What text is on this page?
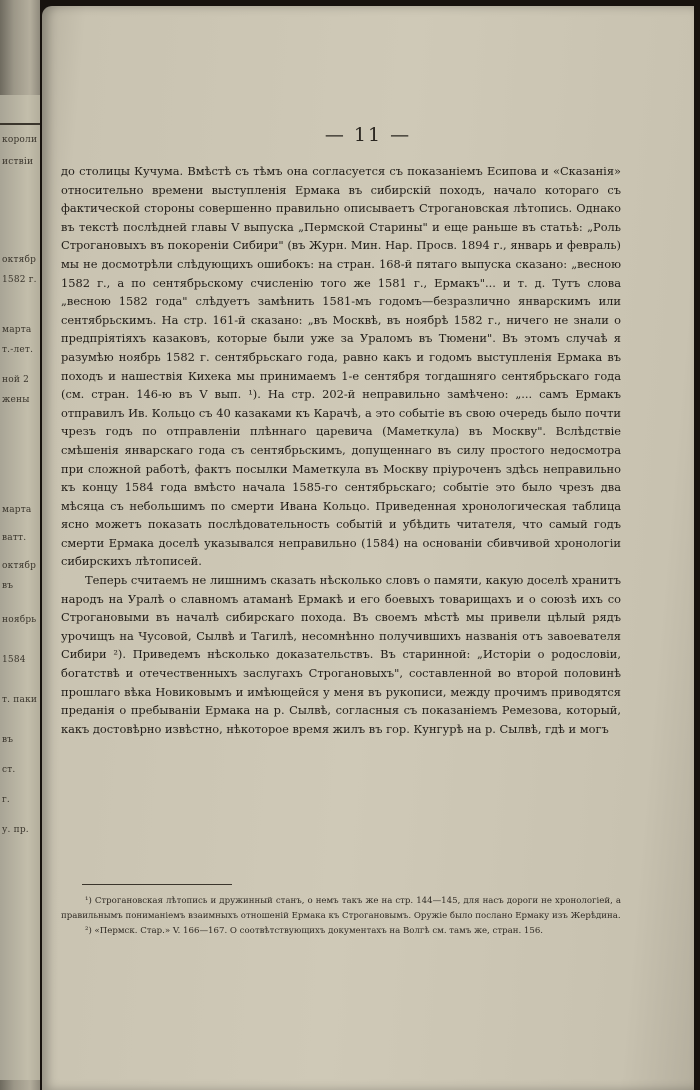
короли
иствіи
октябр
1582 г.
марта
т.-лет.
ной 2
жены
марта
ватт.
октябр
въ
ноябрь
1584
т. паки
въ
ст.
г.
у. пр.
— 11 —

до столицы Кучума. Вмѣстѣ съ тѣмъ она согласуется съ показаніемъ Есипова и «Сказанія» относительно времени выступленія Ермака въ сибирскій походъ, начало котораго съ фактической стороны совершенно правильно описываетъ Строгановская лѣтопись. Однако въ текстѣ послѣдней главы V выпуска „Пермской Старины" и еще раньше въ статьѣ: „Роль Строгановыхъ въ покореніи Сибири" (въ Журн. Мин. Нар. Просв. 1894 г., январь и февраль) мы не досмотрѣли слѣдующихъ ошибокъ: на стран. 168-й пятаго выпуска сказано: „весною 1582 г., а по сентябрьскому счисленію того же 1581 г., Ермакъ"... и т. д. Тутъ слова „весною 1582 года" слѣдуетъ замѣнить 1581-мъ годомъ—безразлично январскимъ или сентябрьскимъ. На стр. 161-й сказано: „въ Москвѣ, въ ноябрѣ 1582 г., ничего не знали о предпріятіяхъ казаковъ, которые были уже за Ураломъ въ Тюмени". Въ этомъ случаѣ я разумѣю ноябрь 1582 г. сентябрьскаго года, равно какъ и годомъ выступленія Ермака въ походъ и нашествія Кихека мы принимаемъ 1-е сентября тогдашняго сентябрьскаго года (см. стран. 146-ю въ V вып. ¹). На стр. 202-й неправильно замѣчено: „... самъ Ермакъ отправилъ Ив. Кольцо съ 40 казаками къ Карачѣ, а это событіе въ свою очередь было почти чрезъ годъ по отправленіи плѣннаго царевича (Маметкула) въ Москву". Вслѣдствіе смѣшенія январскаго года съ сентябрьскимъ, допущеннаго въ силу простого недосмотра при сложной работѣ, фактъ посылки Маметкула въ Москву пріуроченъ здѣсь неправильно къ концу 1584 года вмѣсто начала 1585-го сентябрьскаго; событіе это было чрезъ два мѣсяца съ небольшимъ по смерти Ивана Кольцо. Приведенная хронологическая таблица ясно можетъ показать послѣдовательность событій и убѣдить читателя, что самый годъ смерти Ермака доселѣ указывался неправильно (1584) на основаніи сбивчивой хронологіи сибирскихъ лѣтописей.

Теперь считаемъ не лишнимъ сказать нѣсколько словъ о памяти, какую доселѣ хранитъ народъ на Уралѣ о славномъ атаманѣ Ермакѣ и его боевыхъ товарищахъ и о союзѣ ихъ со Строгановыми въ началѣ сибирскаго похода. Въ своемъ мѣстѣ мы привели цѣлый рядъ урочищъ на Чусовой, Сылвѣ и Тагилѣ, несомнѣнно получившихъ названія отъ завоевателя Сибири ²). Приведемъ нѣсколько доказательствъ. Въ старинной: „Исторіи о родословіи, богатствѣ и отечественныхъ заслугахъ Строгановыхъ", составленной во второй половинѣ прошлаго вѣка Новиковымъ и имѣющейся у меня въ рукописи, между прочимъ приводятся преданія о пребываніи Ермака на р. Сылвѣ, согласныя съ показаніемъ Ремезова, который, какъ достовѣрно извѣстно, нѣкоторое время жилъ въ гор. Кунгурѣ на р. Сылвѣ, гдѣ и могъ

¹) Строгановская лѣтопись и дружинный станъ, о немъ такъ же на стр. 144—145, для насъ дороги не хронологіей, а правильнымъ пониманіемъ взаимныхъ отношеній Ермака къ Строгановымъ. Оружіе было послано Ермаку изъ Жерѣдина.

²) «Пермск. Стар.» V. 166—167. О соотвѣтствующихъ документахъ на Волгѣ см. тамъ же, стран. 156.
